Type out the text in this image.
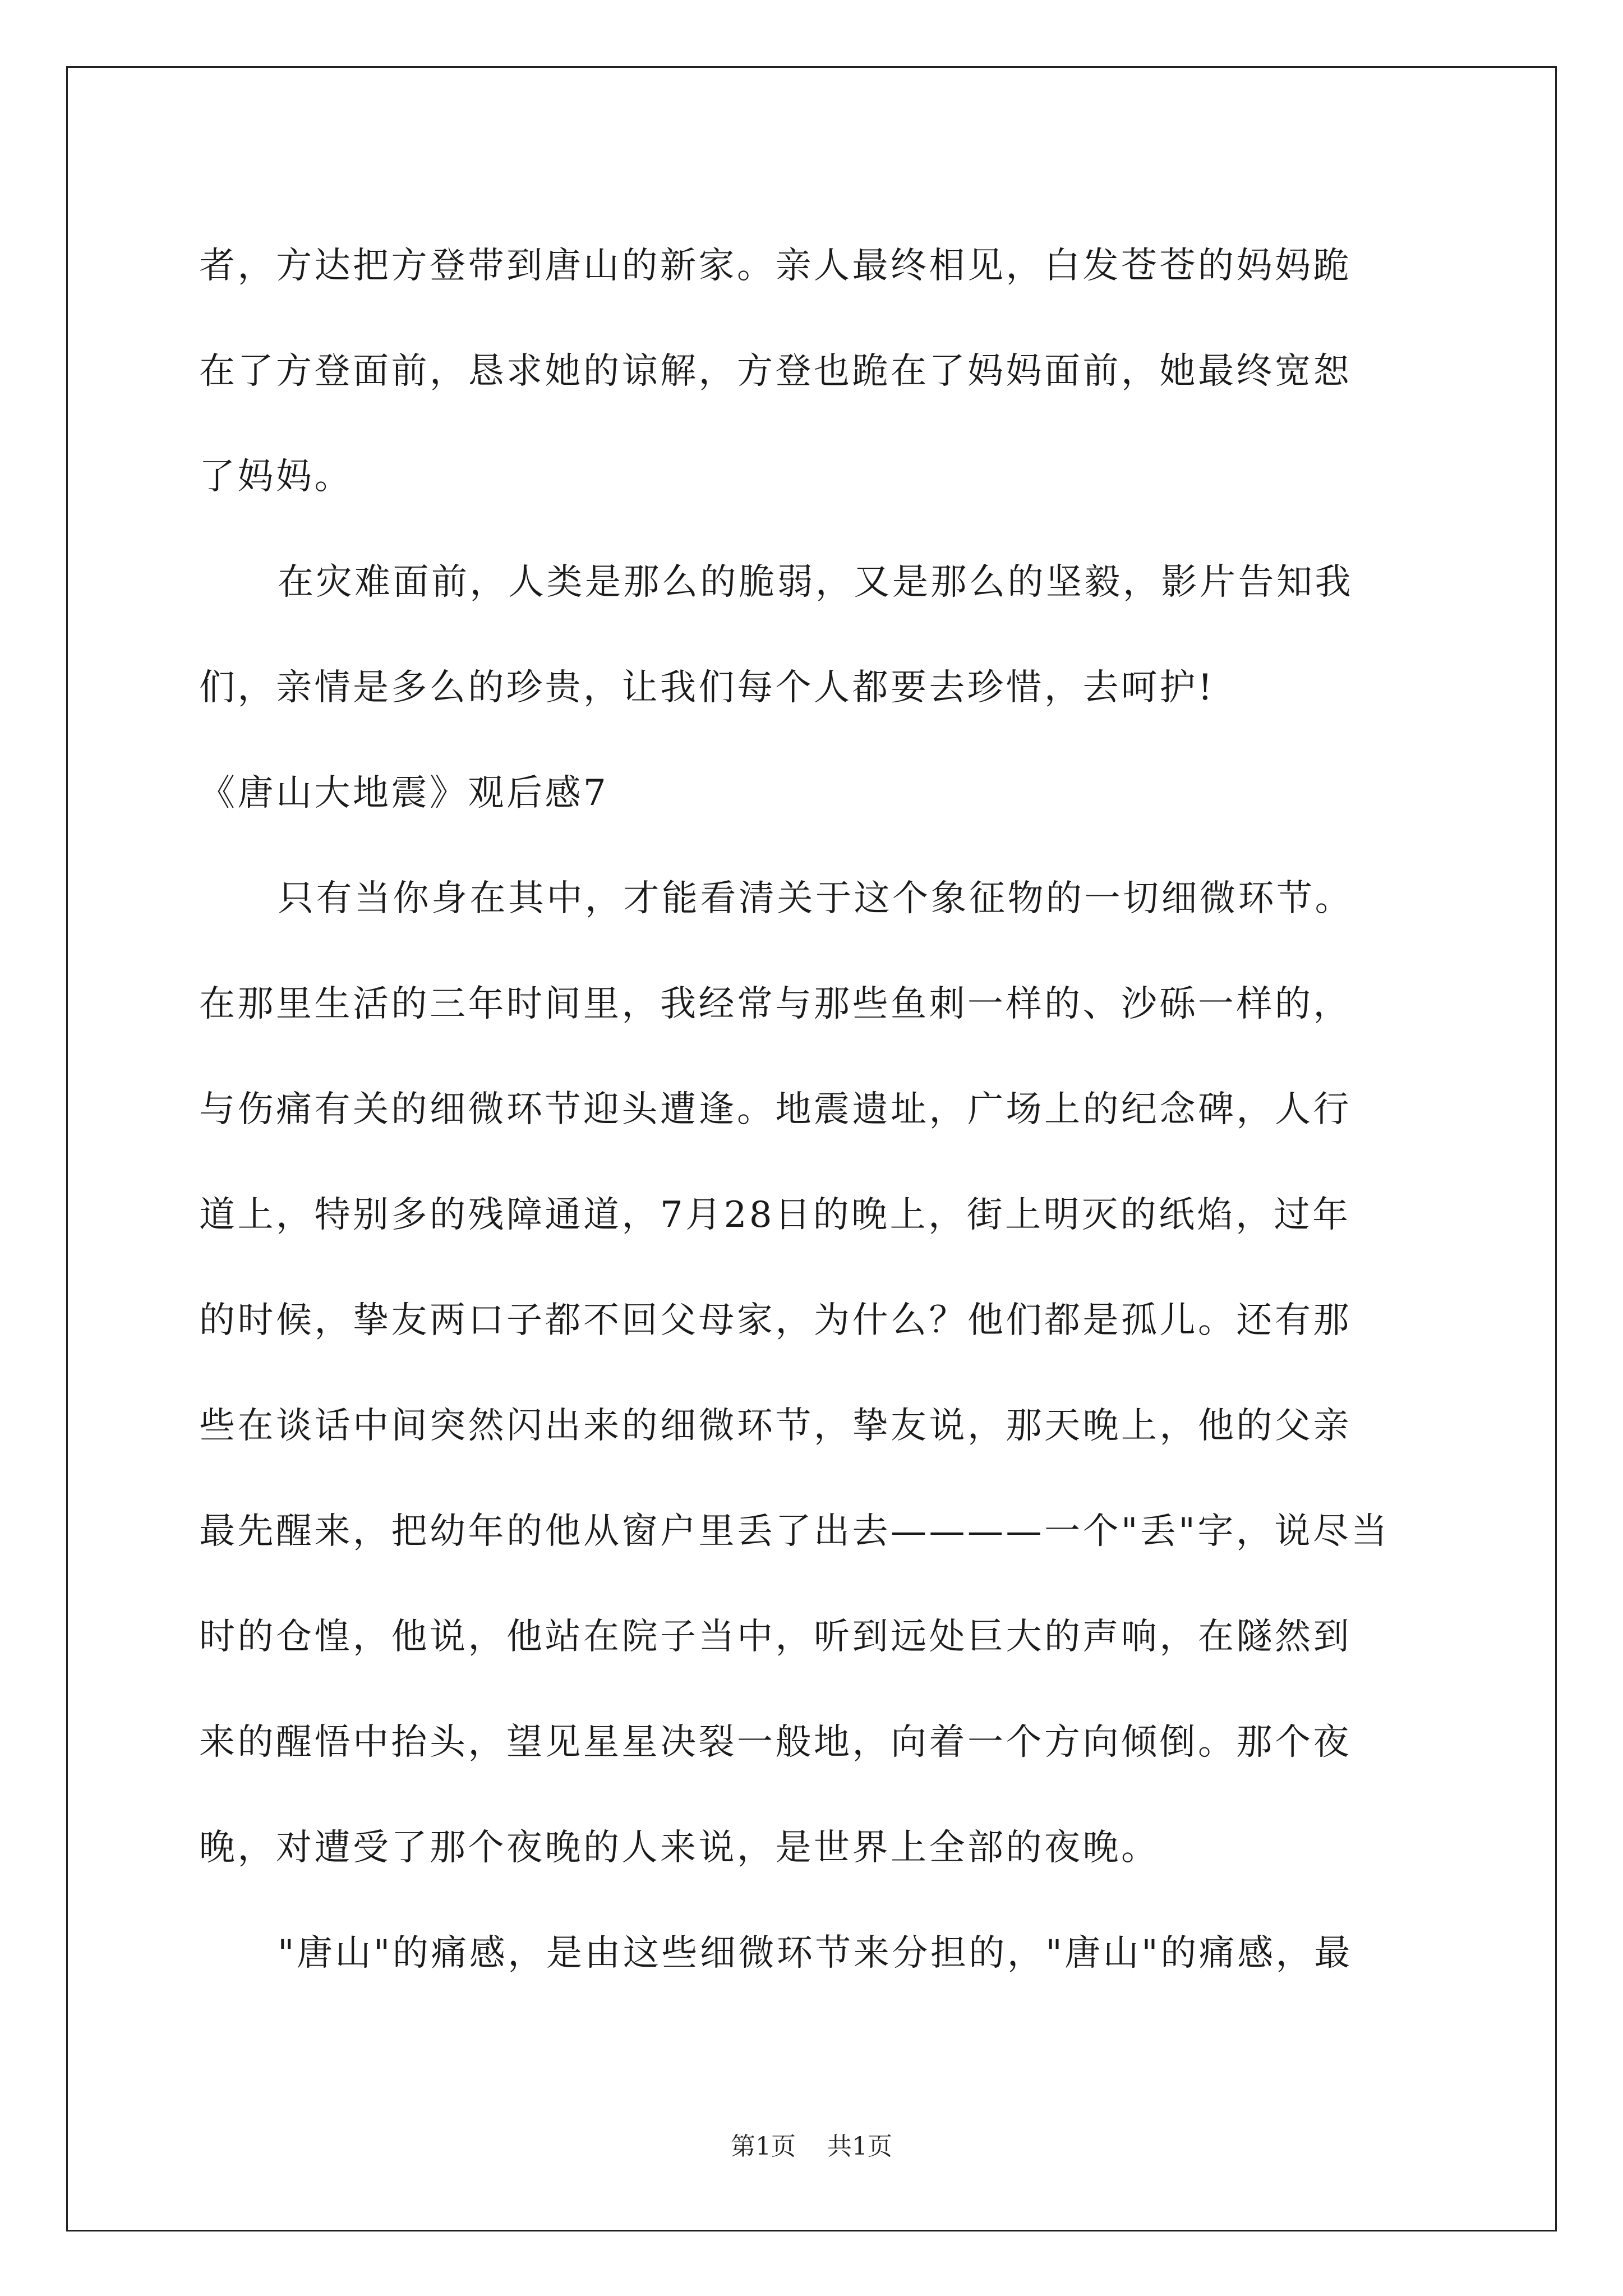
者，方达把方登带到唐山的新家。亲人最终相见，白发苍苍的妈妈跪
在了方登面前，恳求她的谅解，方登也跪在了妈妈面前，她最终宽恕
了妈妈。
在灾难面前，人类是那么的脆弱，又是那么的坚毅，影片告知我
们，亲情是多么的珍贵，让我们每个人都要去珍惜，去呵护!
《唐山大地震》观后感7
只有当你身在其中，才能看清关于这个象征物的一切细微环节。
在那里生活的三年时间里，我经常与那些鱼刺一样的、沙砾一样的，
与伤痛有关的细微环节迎头遭逢。地震遗址，广场上的纪念碑，人行
道上，特别多的残障通道，7月28日的晚上，街上明灭的纸焰，过年
的时候，挚友两口子都不回父母家，为什么？他们都是孤儿。还有那
些在谈话中间突然闪出来的细微环节，挚友说，那天晚上，他的父亲
最先醒来，把幼年的他从窗户里丢了出去————一个"丢"字，说尽当
时的仓惶，他说，他站在院子当中，听到远处巨大的声响，在隧然到
来的醒悟中抬头，望见星星决裂一般地，向着一个方向倾倒。那个夜
晚，对遭受了那个夜晚的人来说，是世界上全部的夜晚。
"唐山"的痛感，是由这些细微环节来分担的，"唐山"的痛感，最
第1页 共1页
